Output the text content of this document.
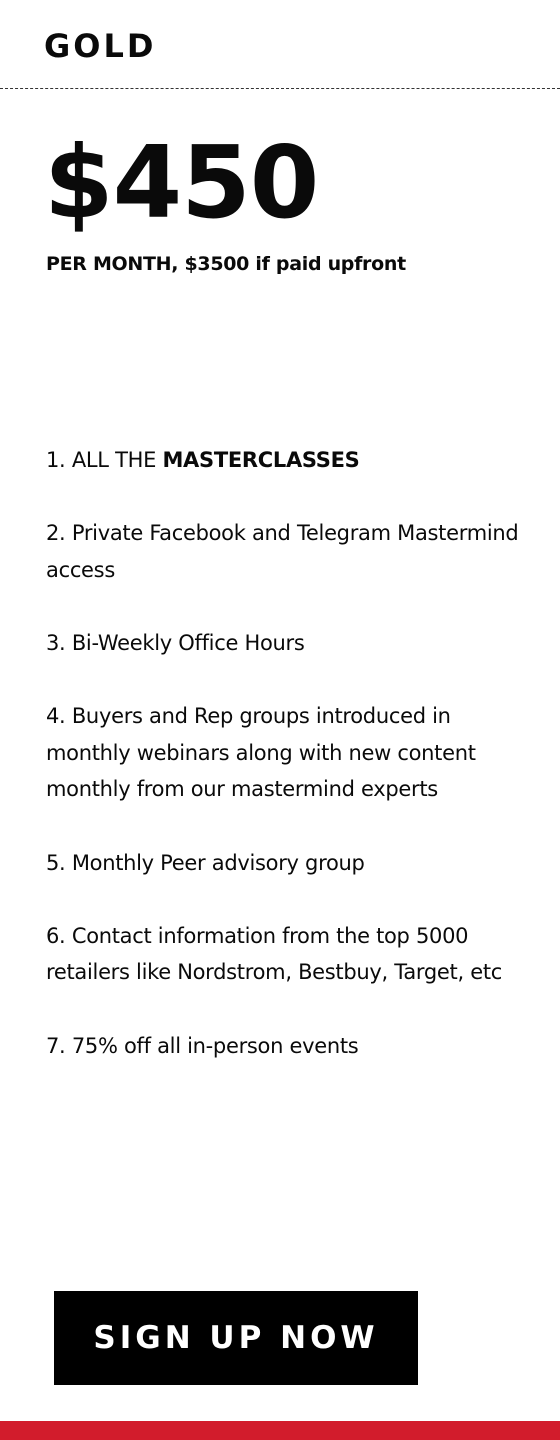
GOLD
$450
PER MONTH, $3500 if paid upfront
1. ALL THE MASTERCLASSES
2. Private Facebook and Telegram Mastermind access
3. Bi-Weekly Office Hours
4. Buyers and Rep groups introduced in monthly webinars along with new content monthly from our mastermind experts
5. Monthly Peer advisory group
6. Contact information from the top 5000 retailers like Nordstrom, Bestbuy, Target, etc
7. 75% off all in-person events
SIGN UP NOW
